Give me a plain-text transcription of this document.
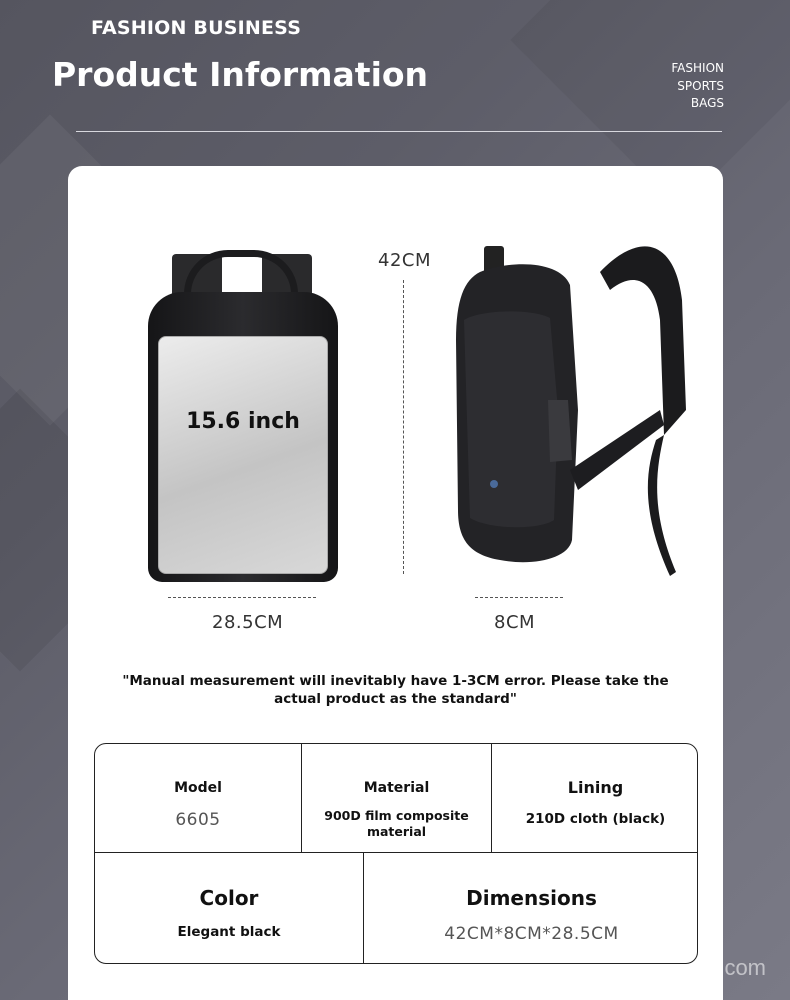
FASHION BUSINESS
Product Information	FASHION
SPORTS
BAGS
15.6 inch
42CM
28.5CM	8CM
"Manual measurement will inevitably have 1-3CM error. Please take the actual product as the standard"
Model
6605
Material
900D film composite material
Lining
210D cloth (black)
Color
Elegant black
Dimensions
42CM*8CM*28.5CM
com
